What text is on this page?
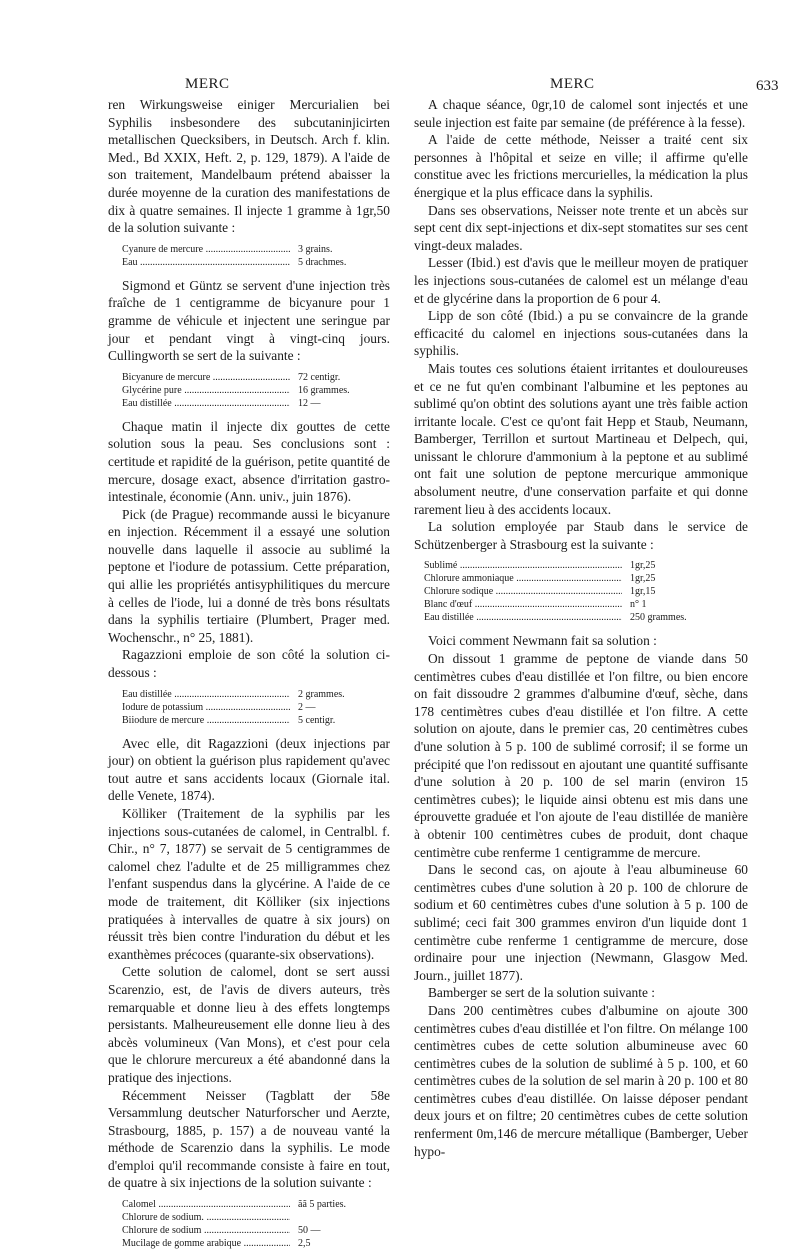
MERC	MERC	633

ren Wirkungsweise einiger Mercurialien bei Syphilis insbesondere des subcutaninjicirten metallischen Quecksibers, in Deutsch. Arch f. klin. Med., Bd XXIX, Heft. 2, p. 129, 1879). A l'aide de son traitement, Mandelbaum prétend abaisser la durée moyenne de la curation des manifestations de dix à quatre semaines. Il injecte 1 gramme à 1gr,50 de la solution suivante :

Cyanure de mercure .....	3 grains.
Eau .....	5 drachmes.

Sigmond et Güntz se servent d'une injection très fraîche de 1 centigramme de bicyanure pour 1 gramme de véhicule et injectent une seringue par jour et pendant vingt à vingt-cinq jours. Cullingworth se sert de la suivante :

Bicyanure de mercure .....	72 centigr.
Glycérine pure .....	16 grammes.
Eau distillée .....	12 —

Chaque matin il injecte dix gouttes de cette solution sous la peau. Ses conclusions sont : certitude et rapidité de la guérison, petite quantité de mercure, dosage exact, absence d'irritation gastro-intestinale, économie (Ann. univ., juin 1876).

Pick (de Prague) recommande aussi le bicyanure en injection. Récemment il a essayé une solution nouvelle dans laquelle il associe au sublimé la peptone et l'iodure de potassium. Cette préparation, qui allie les propriétés antisyphilitiques du mercure à celles de l'iode, lui a donné de très bons résultats dans la syphilis tertiaire (Plumbert, Prager med. Wochenschr., n° 25, 1881).

Ragazzioni emploie de son côté la solution ci-dessous :

Eau distillée .....	2 grammes.
Iodure de potassium .....	2 —
Biiodure de mercure .....	5 centigr.

Avec elle, dit Ragazzioni (deux injections par jour) on obtient la guérison plus rapidement qu'avec tout autre et sans accidents locaux (Giornale ital. delle Venete, 1874).

Kölliker (Traitement de la syphilis par les injections sous-cutanées de calomel, in Centralbl. f. Chir., n° 7, 1877) se servait de 5 centigrammes de calomel chez l'adulte et de 25 milligrammes chez l'enfant suspendus dans la glycérine. A l'aide de ce mode de traitement, dit Kölliker (six injections pratiquées à intervalles de quatre à six jours) on réussit très bien contre l'induration du début et les exanthèmes précoces (quarante-six observations).

Cette solution de calomel, dont se sert aussi Scarenzio, est, de l'avis de divers auteurs, très remarquable et donne lieu à des effets longtemps persistants. Malheureusement elle donne lieu à des abcès volumineux (Van Mons), et c'est pour cela que le chlorure mercureux a été abandonné dans la pratique des injections.

Récemment Neisser (Tagblatt der 58e Versammlung deutscher Naturforscher und Aerzte, Strasbourg, 1885, p. 157) a de nouveau vanté la méthode de Scarenzio dans la syphilis. Le mode d'emploi qu'il recommande consiste à faire en tout, de quatre à six injections de la solution suivante :

Calomel .....	ãã 5 parties.
Chlorure de sodium. .....
Chlorure de sodium .....	50 —
Mucilage de gomme arabique .....	2,5

A chaque séance, 0gr,10 de calomel sont injectés et une seule injection est faite par semaine (de préférence à la fesse).

A l'aide de cette méthode, Neisser a traité cent six personnes à l'hôpital et seize en ville; il affirme qu'elle constitue avec les frictions mercurielles, la médication la plus énergique et la plus efficace dans la syphilis.

Dans ses observations, Neisser note trente et un abcès sur sept cent dix sept-injections et dix-sept stomatites sur ses cent vingt-deux malades.

Lesser (Ibid.) est d'avis que le meilleur moyen de pratiquer les injections sous-cutanées de calomel est un mélange d'eau et de glycérine dans la proportion de 6 pour 4.

Lipp de son côté (Ibid.) a pu se convaincre de la grande efficacité du calomel en injections sous-cutanées dans la syphilis.

Mais toutes ces solutions étaient irritantes et douloureuses et ce ne fut qu'en combinant l'albumine et les peptones au sublimé qu'on obtint des solutions ayant une très faible action irritante locale. C'est ce qu'ont fait Hepp et Staub, Neumann, Bamberger, Terrillon et surtout Martineau et Delpech, qui, unissant le chlorure d'ammonium à la peptone et au sublimé ont fait une solution de peptone mercurique ammonique absolument neutre, d'une conservation parfaite et qui donne rarement lieu à des accidents locaux.

La solution employée par Staub dans le service de Schützenberger à Strasbourg est la suivante :

Sublimé .....	1gr,25
Chlorure ammoniaque .....	1gr,25
Chlorure sodique .....	1gr,15
Blanc d'œuf .....	n° 1
Eau distillée .....	250 grammes.

Voici comment Newmann fait sa solution :

On dissout 1 gramme de peptone de viande dans 50 centimètres cubes d'eau distillée et l'on filtre, ou bien encore on fait dissoudre 2 grammes d'albumine d'œuf, sèche, dans 178 centimètres cubes d'eau distillée et l'on filtre. A cette solution on ajoute, dans le premier cas, 20 centimètres cubes d'une solution à 5 p. 100 de sublimé corrosif; il se forme un précipité que l'on redissout en ajoutant une quantité suffisante d'une solution à 20 p. 100 de sel marin (environ 15 centimètres cubes); le liquide ainsi obtenu est mis dans une éprouvette graduée et l'on ajoute de l'eau distillée de manière à obtenir 100 centimètres cubes de produit, dont chaque centimètre cube renferme 1 centigramme de mercure.

Dans le second cas, on ajoute à l'eau albumineuse 60 centimètres cubes d'une solution à 20 p. 100 de chlorure de sodium et 60 centimètres cubes d'une solution à 5 p. 100 de sublimé; ceci fait 300 grammes environ d'un liquide dont 1 centimètre cube renferme 1 centigramme de mercure, dose ordinaire pour une injection (Newmann, Glasgow Med. Journ., juillet 1877).

Bamberger se sert de la solution suivante :

Dans 200 centimètres cubes d'albumine on ajoute 300 centimètres cubes d'eau distillée et l'on filtre. On mélange 100 centimètres cubes de cette solution albumineuse avec 60 centimètres cubes de la solution de sublimé à 5 p. 100, et 60 centimètres cubes de la solution de sel marin à 20 p. 100 et 80 centimètres cubes d'eau distillée. On laisse déposer pendant deux jours et on filtre; 20 centimètres cubes de cette solution renferment 0m,146 de mercure métallique (Bamberger, Ueber hypo-
